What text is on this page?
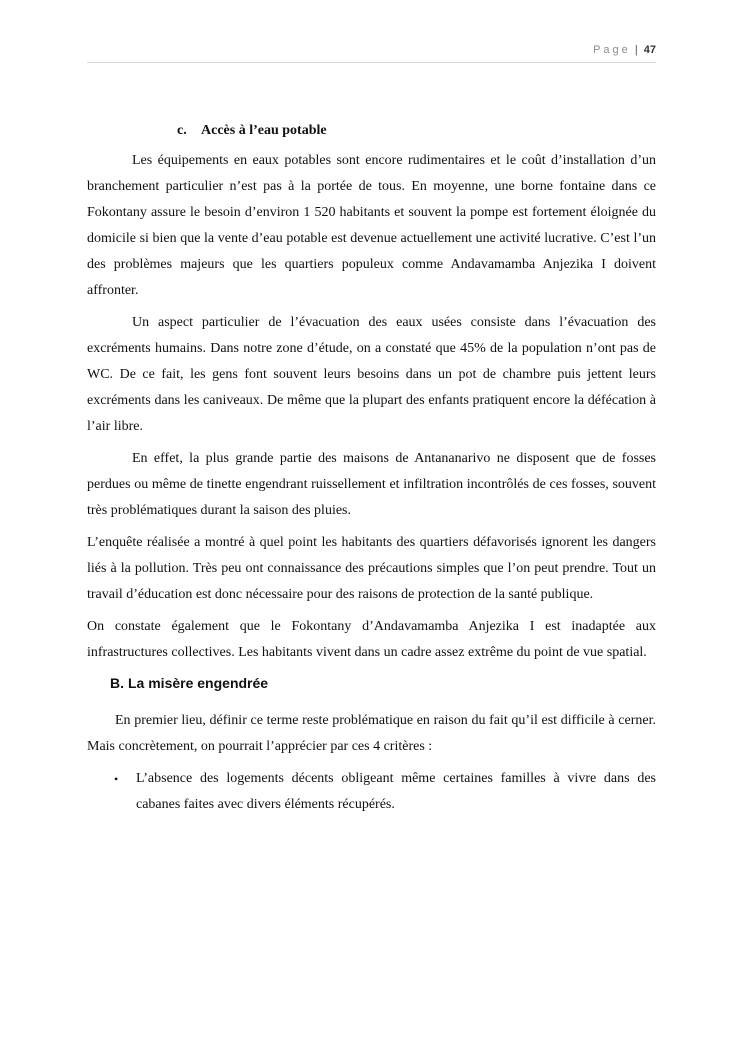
Page | 47
c. Accès à l’eau potable

Les équipements en eaux potables sont encore rudimentaires et le coût d’installation d’un branchement particulier n’est pas à la portée de tous. En moyenne, une borne fontaine dans ce Fokontany assure le besoin d’environ 1 520 habitants et souvent la pompe est fortement éloignée du domicile si bien que la vente d’eau potable est devenue actuellement une activité lucrative. C’est l’un des problèmes majeurs que les quartiers populeux comme Andavamamba Anjezika I doivent affronter.

Un aspect particulier de l’évacuation des eaux usées consiste dans l’évacuation des excréments humains. Dans notre zone d’étude, on a constaté que 45% de la population n’ont pas de WC. De ce fait, les gens font souvent leurs besoins dans un pot de chambre puis jettent leurs excréments dans les caniveaux. De même que la plupart des enfants pratiquent encore la défécation à l’air libre.

En effet, la plus grande partie des maisons de Antananarivo ne disposent que de fosses perdues ou même de tinette engendrant ruissellement et infiltration incontrôlés de ces fosses, souvent très problématiques durant la saison des pluies.

L’enquête réalisée a montré à quel point les habitants des quartiers défavorisés ignorent les dangers liés à la pollution. Très peu ont connaissance des précautions simples que l’on peut prendre. Tout un travail d’éducation est donc nécessaire pour des raisons de protection de la santé publique.

On constate également que le Fokontany d’Andavamamba Anjezika I est inadaptée aux infrastructures collectives. Les habitants vivent dans un cadre assez extrême du point de vue spatial.

B. La misère engendrée

En premier lieu, définir ce terme reste problématique en raison du fait qu’il est difficile à cerner. Mais concrètement, on pourrait l’apprécier par ces 4 critères :

• L’absence des logements décents obligeant même certaines familles à vivre dans des cabanes faites avec divers éléments récupérés.
